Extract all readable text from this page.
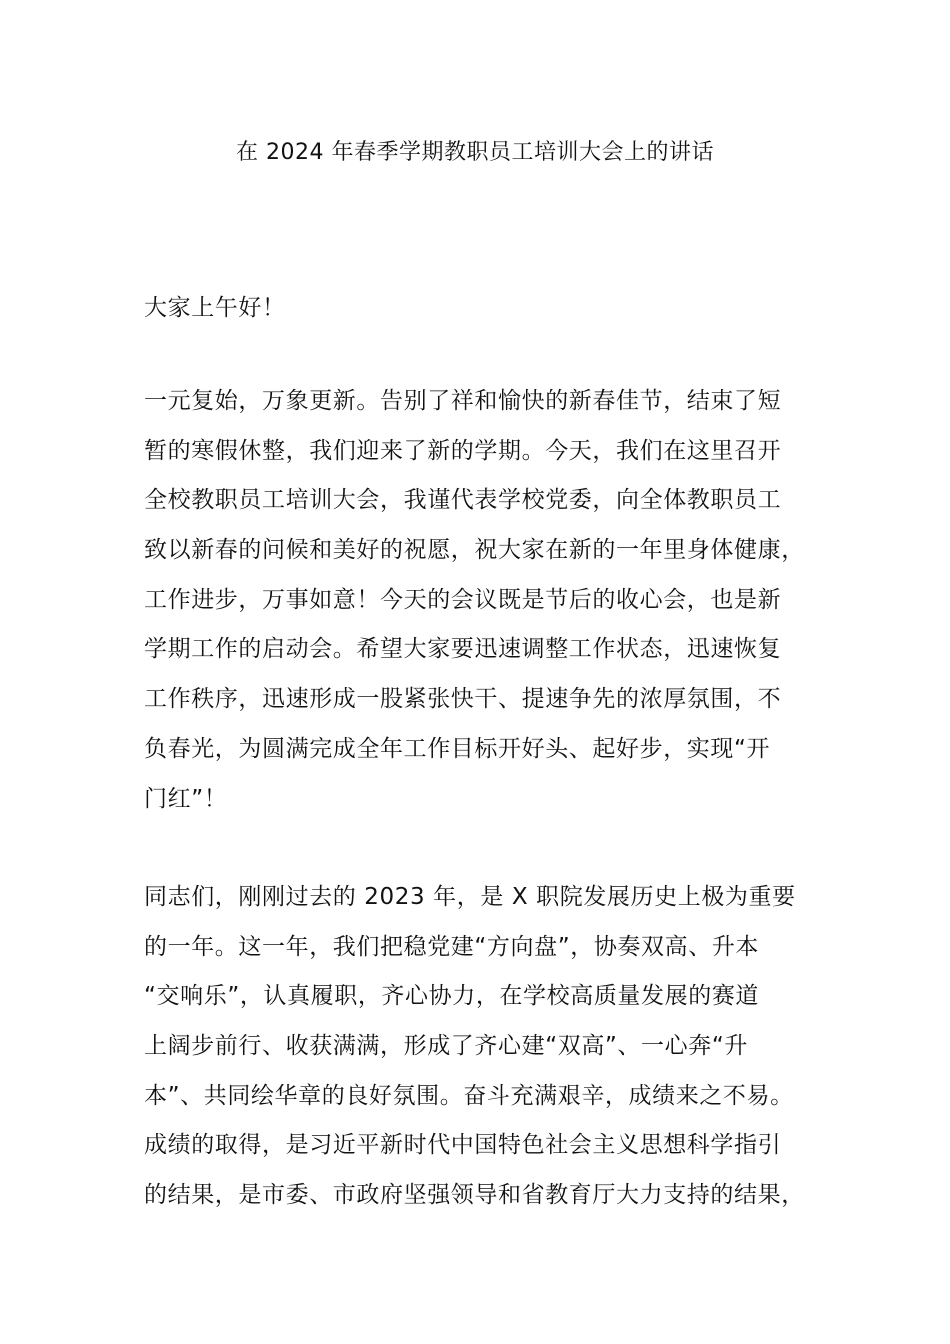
在 2024 年春季学期教职员工培训大会上的讲话

大家上午好！

一元复始，万象更新。告别了祥和愉快的新春佳节，结束了短
暂的寒假休整，我们迎来了新的学期。今天，我们在这里召开
全校教职员工培训大会，我谨代表学校党委，向全体教职员工
致以新春的问候和美好的祝愿，祝大家在新的一年里身体健康，
工作进步，万事如意！今天的会议既是节后的收心会，也是新
学期工作的启动会。希望大家要迅速调整工作状态，迅速恢复
工作秩序，迅速形成一股紧张快干、提速争先的浓厚氛围，不
负春光，为圆满完成全年工作目标开好头、起好步，实现“开
门红”！

同志们，刚刚过去的 2023 年，是 X 职院发展历史上极为重要
的一年。这一年，我们把稳党建“方向盘”，协奏双高、升本
“交响乐”，认真履职，齐心协力，在学校高质量发展的赛道
上阔步前行、收获满满，形成了齐心建“双高”、一心奔“升
本”、共同绘华章的良好氛围。奋斗充满艰辛，成绩来之不易。
成绩的取得，是习近平新时代中国特色社会主义思想科学指引
的结果，是市委、市政府坚强领导和省教育厅大力支持的结果，
